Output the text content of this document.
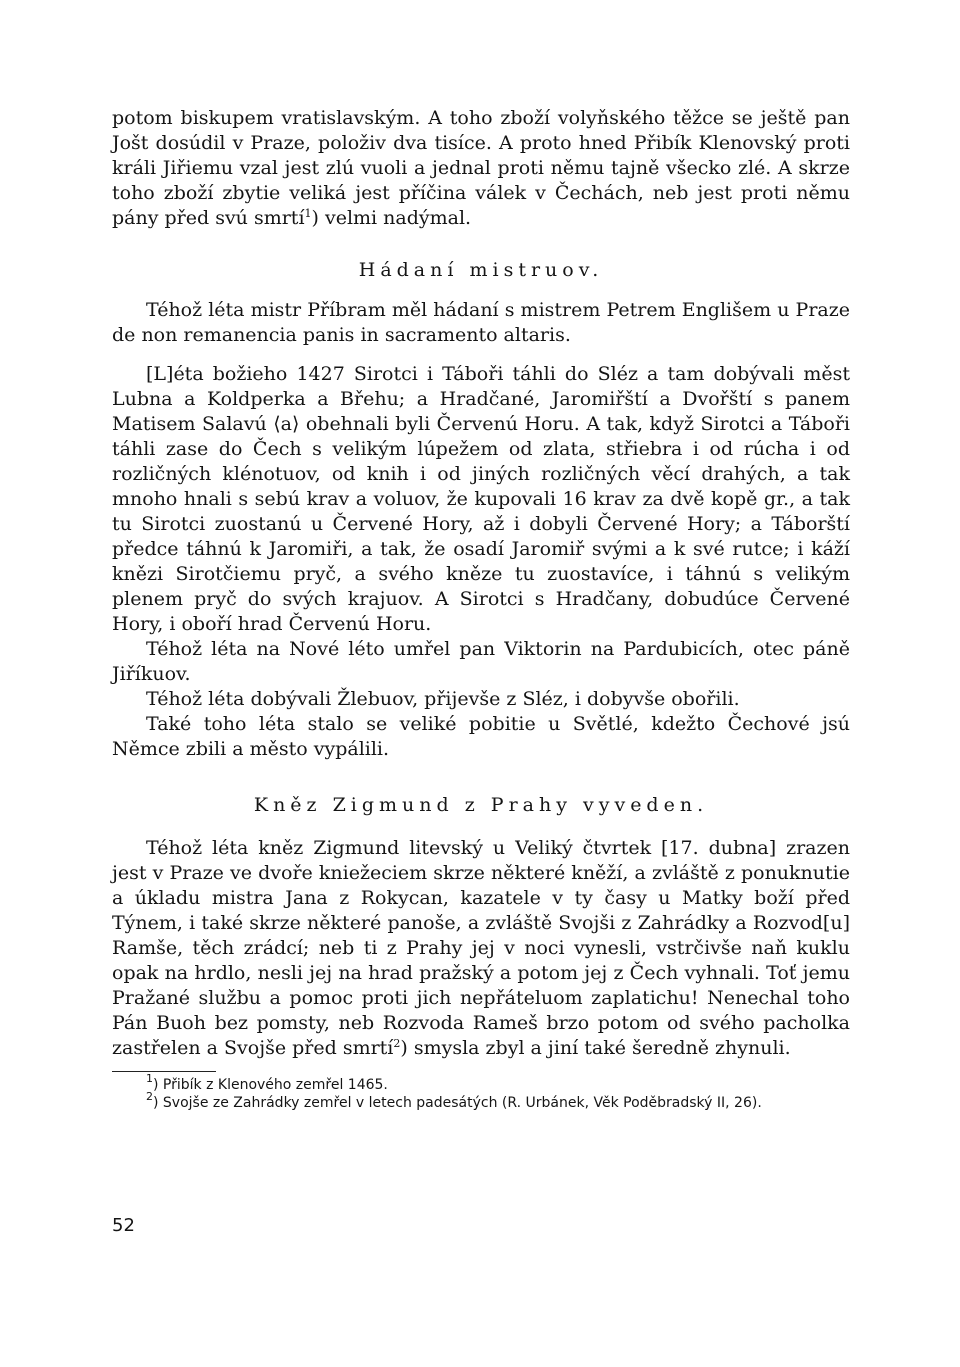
potom biskupem vratislavským. A toho zboží volyňského těžce se ještě pan Jošt dosúdil v Praze, položiv dva tisíce. A proto hned Přibík Klenovský proti králi Jiřiemu vzal jest zlú vuoli a jednal proti němu tajně všecko zlé. A skrze toho zboží zbytie veliká jest příčina válek v Čechách, neb jest proti němu pány před svú smrtí$^1$) velmi nadýmal.

Hádaní mistruov.

Téhož léta mistr Příbram měl hádaní s mistrem Petrem Englišem u Praze de non remanencia panis in sacramento altaris.

[L]éta božieho 1427 Sirotci i Táboři táhli do Sléz a tam dobývali měst Lubna a Koldperka a Břehu; a Hradčané, Jaromiřští a Dvořští s panem Matisem Salavú ⟨a⟩ obehnali byli Červenú Horu. A tak, když Sirotci a Táboři táhli zase do Čech s velikým lúpežem od zlata, střiebra i od rúcha i od rozličných klénotuov, od knih i od jiných rozličných věcí drahých, a tak mnoho hnali s sebú krav a voluov, že kupovali 16 krav za dvě kopě gr., a tak tu Sirotci zuostanú u Červené Hory, až i dobyli Červené Hory; a Táborští předce táhnú k Jaromiři, a tak, že osadí Jaromiř svými a k své rutce; i káží knězi Sirotčiemu pryč, a svého kněze tu zuostavíce, i táhnú s velikým plenem pryč do svých krajuov. A Sirotci s Hradčany, dobudúce Červené Hory, i oboří hrad Červenú Horu.

Téhož léta na Nové léto umřel pan Viktorin na Pardubicích, otec páně Jiříkuov.

Téhož léta dobývali Žlebuov, přijevše z Sléz, i dobyvše obořili.

Také toho léta stalo se veliké pobitie u Světlé, kdežto Čechové jsú Němce zbili a město vypálili.

Kněz Zigmund z Prahy vyveden.

Téhož léta kněz Zigmund litevský u Veliký čtvrtek [17. dubna] zrazen jest v Praze ve dvoře kniežeciem skrze některé kněží, a zvláště z ponuknutie a úkladu mistra Jana z Rokycan, kazatele v ty časy u Matky boží před Týnem, i také skrze některé panoše, a zvláště Svojši z Zahrádky a Rozvod[u] Ramše, těch zrádcí; neb ti z Prahy jej v noci vynesli, vstrčivše naň kuklu opak na hrdlo, nesli jej na hrad pražský a potom jej z Čech vyhnali. Toť jemu Pražané službu a pomoc proti jich nepřáteluom zaplatichu! Nenechal toho Pán Buoh bez pomsty, neb Rozvoda Rameš brzo potom od svého pacholka zastřelen a Svojše před smrtí$^2$) smysla zbyl a jiní také šeredně zhynuli.

$^1$) Přibík z Klenového zemřel 1465.

$^2$) Svojše ze Zahrádky zemřel v letech padesátých (R. Urbánek, Věk Poděbradský II, 26).

52
